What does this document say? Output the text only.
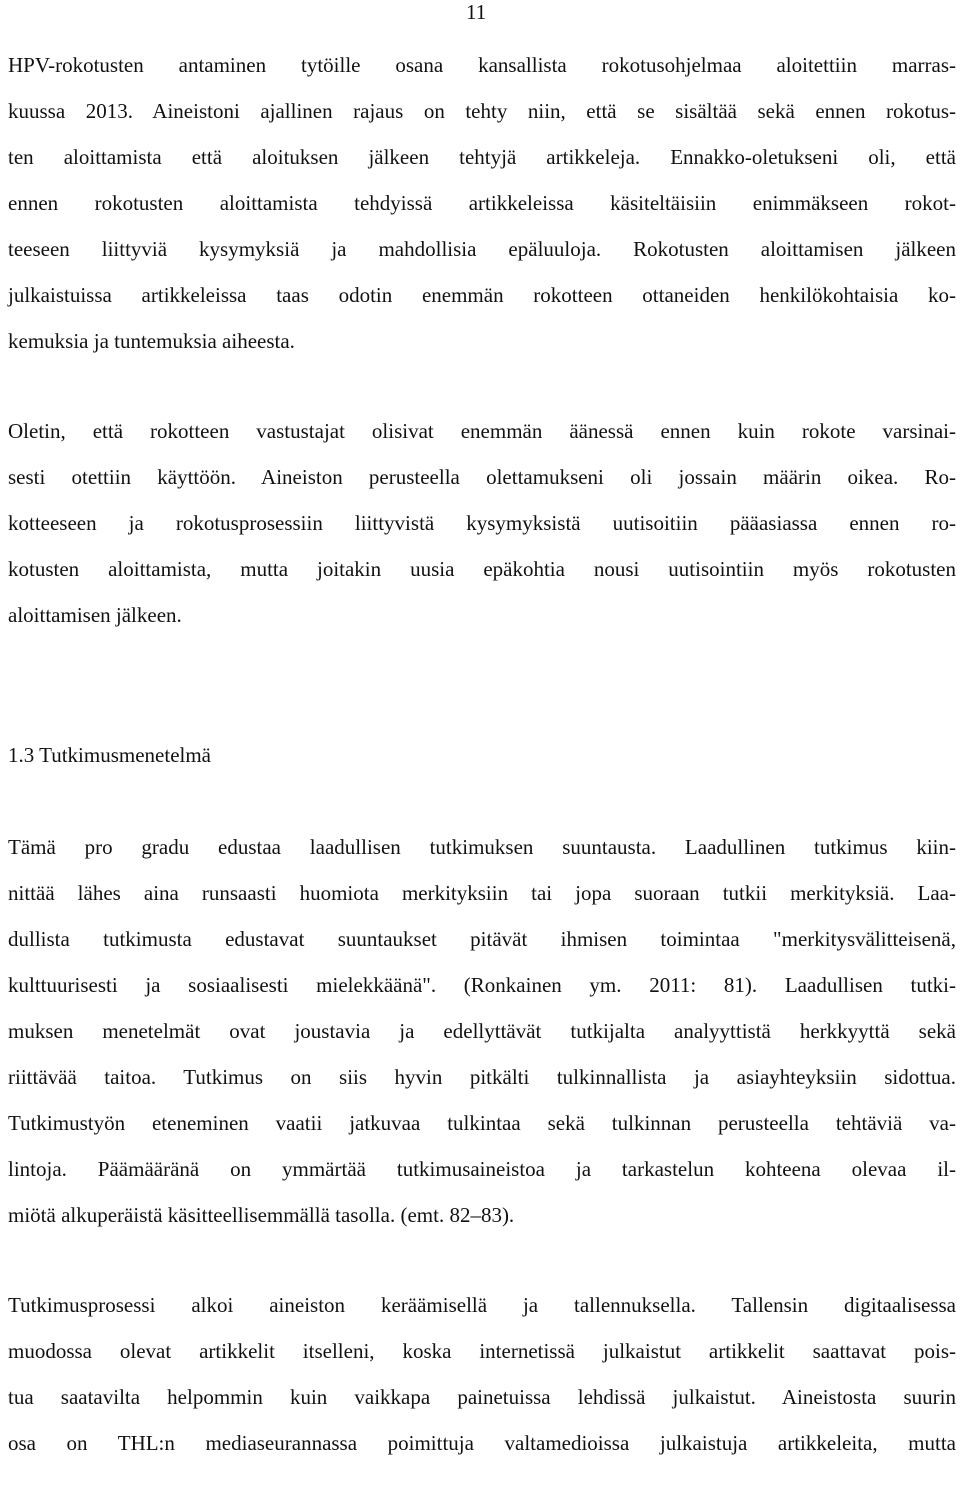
11
HPV-rokotusten antaminen tytöille osana kansallista rokotusohjelmaa aloitettiin marras-
kuussa 2013. Aineistoni ajallinen rajaus on tehty niin, että se sisältää sekä ennen rokotus-
ten aloittamista että aloituksen jälkeen tehtyjä artikkeleja. Ennakko-oletukseni oli, että
ennen rokotusten aloittamista tehdyissä artikkeleissa käsiteltäisiin enimmäkseen rokot-
teeseen liittyviä kysymyksiä ja mahdollisia epäluuloja. Rokotusten aloittamisen jälkeen
julkaistuissa artikkeleissa taas odotin enemmän rokotteen ottaneiden henkilökohtaisia ko-
kemuksia ja tuntemuksia aiheesta.
Oletin, että rokotteen vastustajat olisivat enemmän äänessä ennen kuin rokote varsinai-
sesti otettiin käyttöön. Aineiston perusteella olettamukseni oli jossain määrin oikea. Ro-
kotteeseen ja rokotusprosessiin liittyvistä kysymyksistä uutisoitiin pääasiassa ennen ro-
kotusten aloittamista, mutta joitakin uusia epäkohtia nousi uutisointiin myös rokotusten
aloittamisen jälkeen.
1.3 Tutkimusmenetelmä
Tämä pro gradu edustaa laadullisen tutkimuksen suuntausta. Laadullinen tutkimus kiin-
nittää lähes aina runsaasti huomiota merkityksiin tai jopa suoraan tutkii merkityksiä. Laa-
dullista tutkimusta edustavat suuntaukset pitävät ihmisen toimintaa "merkitysvälitteisenä,
kulttuurisesti ja sosiaalisesti mielekkäänä". (Ronkainen ym. 2011: 81). Laadullisen tutki-
muksen menetelmät ovat joustavia ja edellyttävät tutkijalta analyyttistä herkkyyttä sekä
riittävää taitoa. Tutkimus on siis hyvin pitkälti tulkinnallista ja asiayhteyksiin sidottua.
Tutkimustyön eteneminen vaatii jatkuvaa tulkintaa sekä tulkinnan perusteella tehtäviä va-
lintoja. Päämääränä on ymmärtää tutkimusaineistoa ja tarkastelun kohteena olevaa il-
miötä alkuperäistä käsitteellisemmällä tasolla. (emt. 82–83).
Tutkimusprosessi alkoi aineiston keräämisellä ja tallennuksella. Tallensin digitaalisessa
muodossa olevat artikkelit itselleni, koska internetissä julkaistut artikkelit saattavat pois-
tua saatavilta helpommin kuin vaikkapa painetuissa lehdissä julkaistut. Aineistosta suurin
osa on THL:n mediaseurannassa poimittuja valtamedioissa julkaistuja artikkeleita, mutta
